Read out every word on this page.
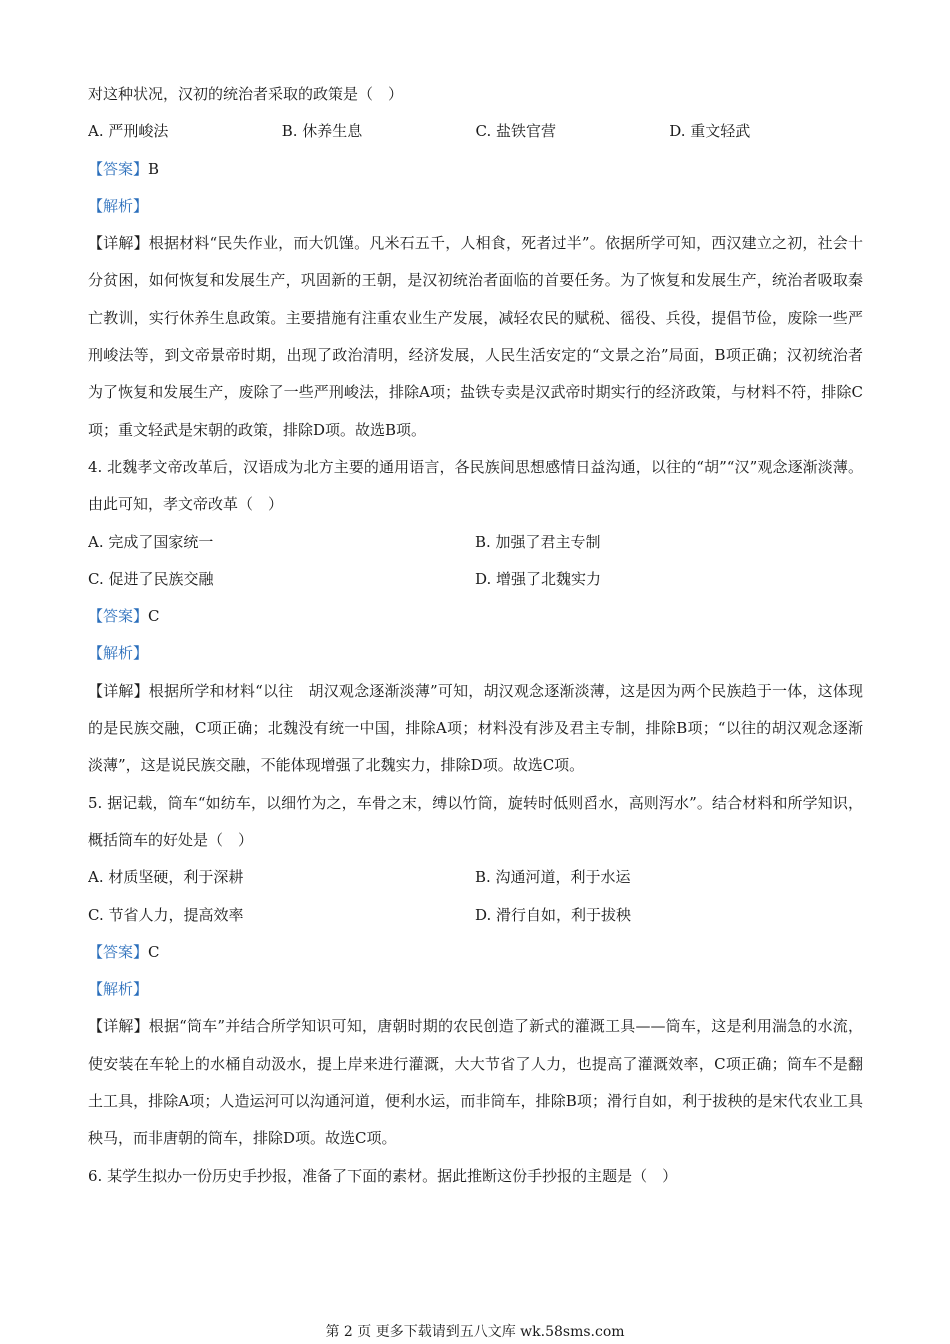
对这种状况，汉初的统治者采取的政策是（　）
A. 严刑峻法	B. 休养生息	C. 盐铁官营	D. 重文轻武
【答案】B
【解析】
【详解】根据材料“民失作业，而大饥馑。凡米石五千，人相食，死者过半”。依据所学可知，西汉建立之初，社会十分贫困，如何恢复和发展生产，巩固新的王朝，是汉初统治者面临的首要任务。为了恢复和发展生产，统治者吸取秦亡教训，实行休养生息政策。主要措施有注重农业生产发展，减轻农民的赋税、徭役、兵役，提倡节俭，废除一些严刑峻法等，到文帝景帝时期，出现了政治清明，经济发展，人民生活安定的“文景之治”局面，B项正确；汉初统治者为了恢复和发展生产，废除了一些严刑峻法，排除A项；盐铁专卖是汉武帝时期实行的经济政策，与材料不符，排除C项；重文轻武是宋朝的政策，排除D项。故选B项。
4. 北魏孝文帝改革后，汉语成为北方主要的通用语言，各民族间思想感情日益沟通，以往的“胡”“汉”观念逐渐淡薄。由此可知，孝文帝改革（　）
A. 完成了国家统一	B. 加强了君主专制
C. 促进了民族交融	D. 增强了北魏实力
【答案】C
【解析】
【详解】根据所学和材料“以往　胡汉观念逐渐淡薄”可知，胡汉观念逐渐淡薄，这是因为两个民族趋于一体，这体现的是民族交融，C项正确；北魏没有统一中国，排除A项；材料没有涉及君主专制，排除B项；“以往的胡汉观念逐渐淡薄”，这是说民族交融，不能体现增强了北魏实力，排除D项。故选C项。
5. 据记载，筒车“如纺车，以细竹为之，车骨之末，缚以竹筒，旋转时低则舀水，高则泻水”。结合材料和所学知识，概括筒车的好处是（　）
A. 材质坚硬，利于深耕	B. 沟通河道，利于水运
C. 节省人力，提高效率	D. 滑行自如，利于拔秧
【答案】C
【解析】
【详解】根据“筒车”并结合所学知识可知，唐朝时期的农民创造了新式的灌溉工具——筒车，这是利用湍急的水流，使安装在车轮上的水桶自动汲水，提上岸来进行灌溉，大大节省了人力，也提高了灌溉效率，C项正确；筒车不是翻土工具，排除A项；人造运河可以沟通河道，便利水运，而非筒车，排除B项；滑行自如，利于拔秧的是宋代农业工具秧马，而非唐朝的筒车，排除D项。故选C项。
6. 某学生拟办一份历史手抄报，准备了下面的素材。据此推断这份手抄报的主题是（　）
第 2 页 更多下载请到五八文库 wk.58sms.com
